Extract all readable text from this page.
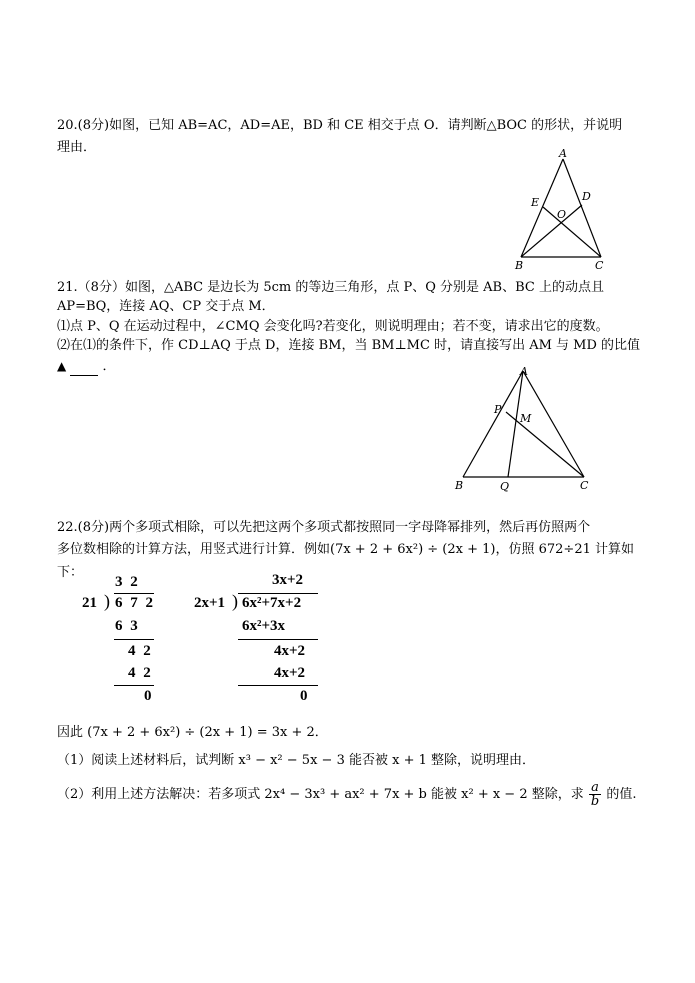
20.(8分)如图，已知 AB=AC，AD=AE，BD 和 CE 相交于点 O．请判断△BOC 的形状，并说明
理由．	A
B	C
D
E
O
21.（8分）如图，△ABC 是边长为 5cm 的等边三角形，点 P、Q 分别是 AB、BC 上的动点且
AP=BQ，连接 AQ、CP 交于点 M．
⑴点 P、Q 在运动过程中，∠CMQ 会变化吗?若变化，则说明理由；若不变，请求出它的度数。
⑵在⑴的条件下，作 CD⊥AQ 于点 D，连接 BM，当 BM⊥MC 时，请直接写出 AM 与 MD 的比值
▲	．	A
B	C
P
Q
M
22.(8分)两个多项式相除，可以先把这两个多项式都按照同一字母降幂排列，然后再仿照两个
多位数相除的计算方法，用竖式进行计算．例如(7x + 2 + 6x²) ÷ (2x + 1)，仿照 672÷21 计算如
下：
3 2
21 ) 6 7 2
6 3
4 2
4 2
0
3x+2
2x+1 ) 6x²+7x+2
6x²+3x
4x+2
4x+2
0
因此 (7x + 2 + 6x²) ÷ (2x + 1) = 3x + 2．
（1）阅读上述材料后，试判断 x³ − x² − 5x − 3 能否被 x + 1 整除，说明理由．
（2）利用上述方法解决：若多项式 2x⁴ − 3x³ + ax² + 7x + b 能被 x² + x − 2 整除，求 $\frac{a}{b}$ 的值.
